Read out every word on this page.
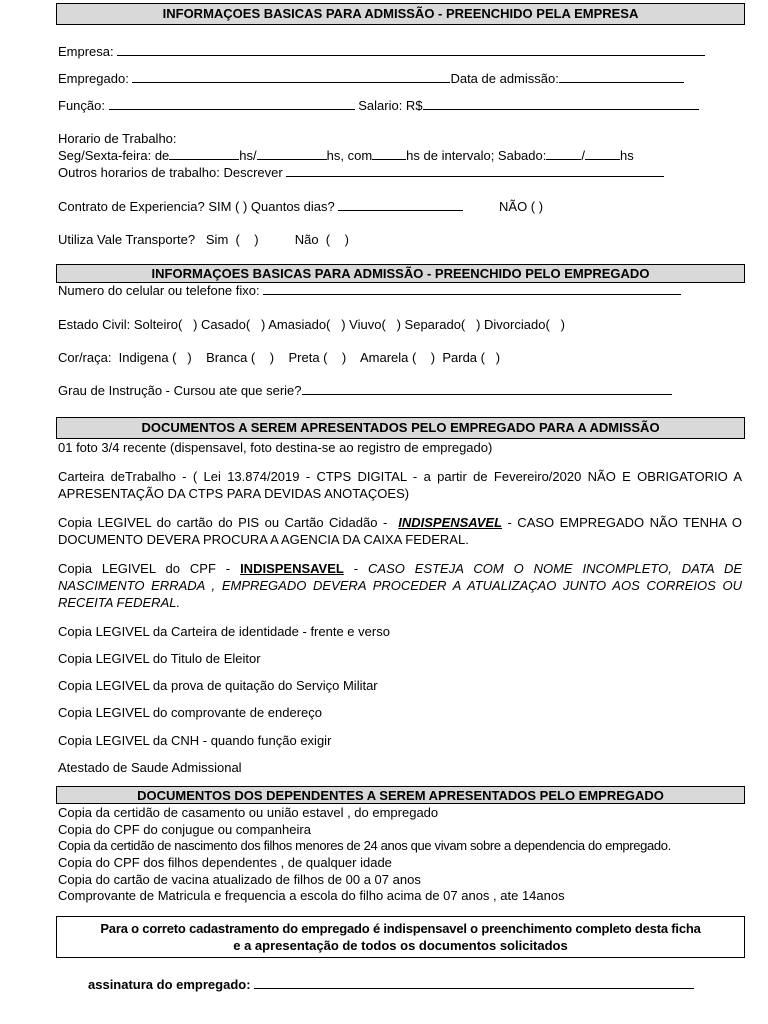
INFORMAÇOES BASICAS PARA ADMISSÃO - PREENCHIDO PELA EMPRESA
Empresa:
Empregado:	Data de admissão:
Função:	Salario: R$
Horario de Trabalho:
Seg/Sexta-feira: de	hs/	hs, com	hs de intervalo; Sabado:	/	hs
Outros horarios de trabalho: Descrever
Contrato de Experiencia? SIM ( ) Quantos dias?	NÃO ( )
Utiliza Vale Transporte?   Sim  (    )          Não  (    )
INFORMAÇOES BASICAS PARA ADMISSÃO - PREENCHIDO PELO EMPREGADO
Numero do celular ou telefone fixo:
Estado Civil: Solteiro(   ) Casado(   ) Amasiado(   ) Viuvo(   ) Separado(   ) Divorciado(   )
Cor/raça:  Indigena (   )    Branca (    )    Preta (    )    Amarela (    )  Parda (   )
Grau de Instrução - Cursou ate que serie?
DOCUMENTOS A SEREM APRESENTADOS PELO EMPREGADO PARA A ADMISSÃO
01 foto 3/4 recente (dispensavel, foto destina-se ao registro de empregado)
Carteira deTrabalho - ( Lei 13.874/2019 - CTPS DIGITAL - a partir de Fevereiro/2020 NÃO E OBRIGATORIO A APRESENTAÇÃO DA CTPS PARA DEVIDAS ANOTAÇOES)
Copia LEGIVEL do cartão do PIS ou Cartão Cidadão -  INDISPENSAVEL - CASO EMPREGADO NÃO TENHA O DOCUMENTO DEVERA PROCURA A AGENCIA DA CAIXA FEDERAL.
Copia LEGIVEL do CPF - INDISPENSAVEL - CASO ESTEJA COM O NOME INCOMPLETO, DATA DE NASCIMENTO ERRADA , EMPREGADO DEVERA PROCEDER A ATUALIZAÇAO JUNTO AOS CORREIOS OU RECEITA FEDERAL.
Copia LEGIVEL da Carteira de identidade - frente e verso
Copia LEGIVEL do Titulo de Eleitor
Copia LEGIVEL da prova de quitação do Serviço Militar
Copia LEGIVEL do comprovante de endereço
Copia LEGIVEL da CNH - quando função exigir
Atestado de Saude Admissional
DOCUMENTOS DOS DEPENDENTES A SEREM APRESENTADOS PELO EMPREGADO
Copia da certidão de casamento ou união estavel , do empregado
Copia do CPF do conjugue ou companheira
Copia da certidão de nascimento dos filhos menores de 24 anos que vivam sobre a dependencia do empregado.
Copia do CPF dos filhos dependentes , de qualquer idade
Copia do cartão de vacina atualizado de filhos de 00 a 07 anos
Comprovante de Matricula e frequencia a escola do filho acima de 07 anos , ate 14anos
Para o correto cadastramento do empregado é indispensavel o preenchimento completo desta ficha
e a apresentação de todos os documentos solicitados
assinatura do empregado:
